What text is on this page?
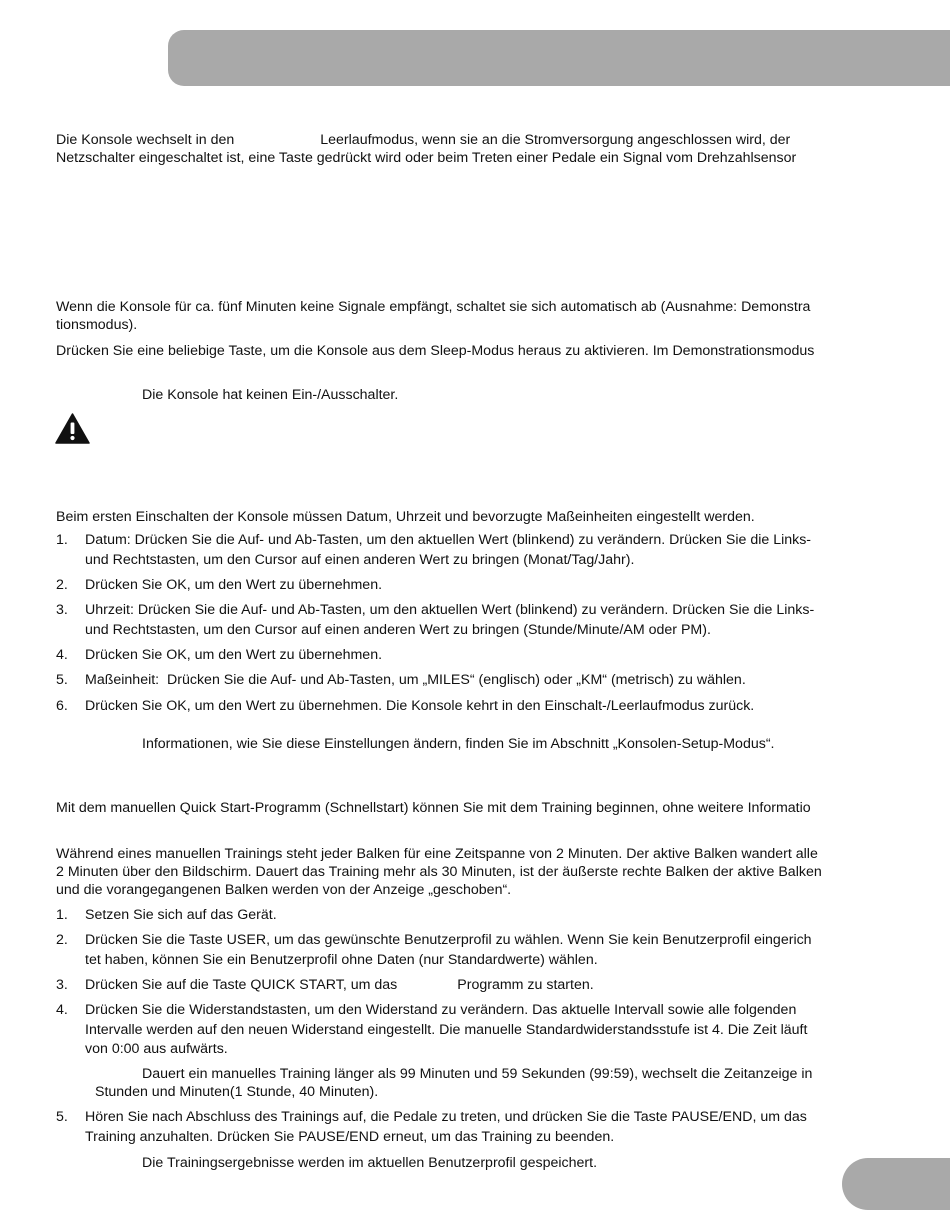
Die Konsole wechselt in den	Leerlaufmodus, wenn sie an die Stromversorgung angeschlossen wird, der
Netzschalter eingeschaltet ist, eine Taste gedrückt wird oder beim Treten einer Pedale ein Signal vom Drehzahlsensor
Wenn die Konsole für ca. fünf Minuten keine Signale empfängt, schaltet sie sich automatisch ab (Ausnahme: Demonstra
tionsmodus).
Drücken Sie eine beliebige Taste, um die Konsole aus dem Sleep-Modus heraus zu aktivieren. Im Demonstrationsmodus
Die Konsole hat keinen Ein-/Ausschalter.
Beim ersten Einschalten der Konsole müssen Datum, Uhrzeit und bevorzugte Maßeinheiten eingestellt werden.
1.	Datum: Drücken Sie die Auf- und Ab-Tasten, um den aktuellen Wert (blinkend) zu verändern. Drücken Sie die Links-
und Rechtstasten, um den Cursor auf einen anderen Wert zu bringen (Monat/Tag/Jahr).
2.	Drücken Sie OK, um den Wert zu übernehmen.
3.	Uhrzeit: Drücken Sie die Auf- und Ab-Tasten, um den aktuellen Wert (blinkend) zu verändern. Drücken Sie die Links-
und Rechtstasten, um den Cursor auf einen anderen Wert zu bringen (Stunde/Minute/AM oder PM).
4.	Drücken Sie OK, um den Wert zu übernehmen.
5.	Maßeinheit:  Drücken Sie die Auf- und Ab-Tasten, um „MILES“ (englisch) oder „KM“ (metrisch) zu wählen.
6.	Drücken Sie OK, um den Wert zu übernehmen. Die Konsole kehrt in den Einschalt-/Leerlaufmodus zurück.
Informationen, wie Sie diese Einstellungen ändern, finden Sie im Abschnitt „Konsolen-Setup-Modus“.
Mit dem manuellen Quick Start-Programm (Schnellstart) können Sie mit dem Training beginnen, ohne weitere Informatio
Während eines manuellen Trainings steht jeder Balken für eine Zeitspanne von 2 Minuten. Der aktive Balken wandert alle
2 Minuten über den Bildschirm. Dauert das Training mehr als 30 Minuten, ist der äußerste rechte Balken der aktive Balken
und die vorangegangenen Balken werden von der Anzeige „geschoben“.
1.	Setzen Sie sich auf das Gerät.
2.	Drücken Sie die Taste USER, um das gewünschte Benutzerprofil zu wählen. Wenn Sie kein Benutzerprofil eingerich
tet haben, können Sie ein Benutzerprofil ohne Daten (nur Standardwerte) wählen.
3.	Drücken Sie auf die Taste QUICK START, um das	Programm zu starten.
4.	Drücken Sie die Widerstandstasten, um den Widerstand zu verändern. Das aktuelle Intervall sowie alle folgenden
Intervalle werden auf den neuen Widerstand eingestellt. Die manuelle Standardwiderstandsstufe ist 4. Die Zeit läuft
von 0:00 aus aufwärts.
Dauert ein manuelles Training länger als 99 Minuten und 59 Sekunden (99:59), wechselt die Zeitanzeige in
Stunden und Minuten(1 Stunde, 40 Minuten).
5.	Hören Sie nach Abschluss des Trainings auf, die Pedale zu treten, und drücken Sie die Taste PAUSE/END, um das
Training anzuhalten. Drücken Sie PAUSE/END erneut, um das Training zu beenden.
Die Trainingsergebnisse werden im aktuellen Benutzerprofil gespeichert.
